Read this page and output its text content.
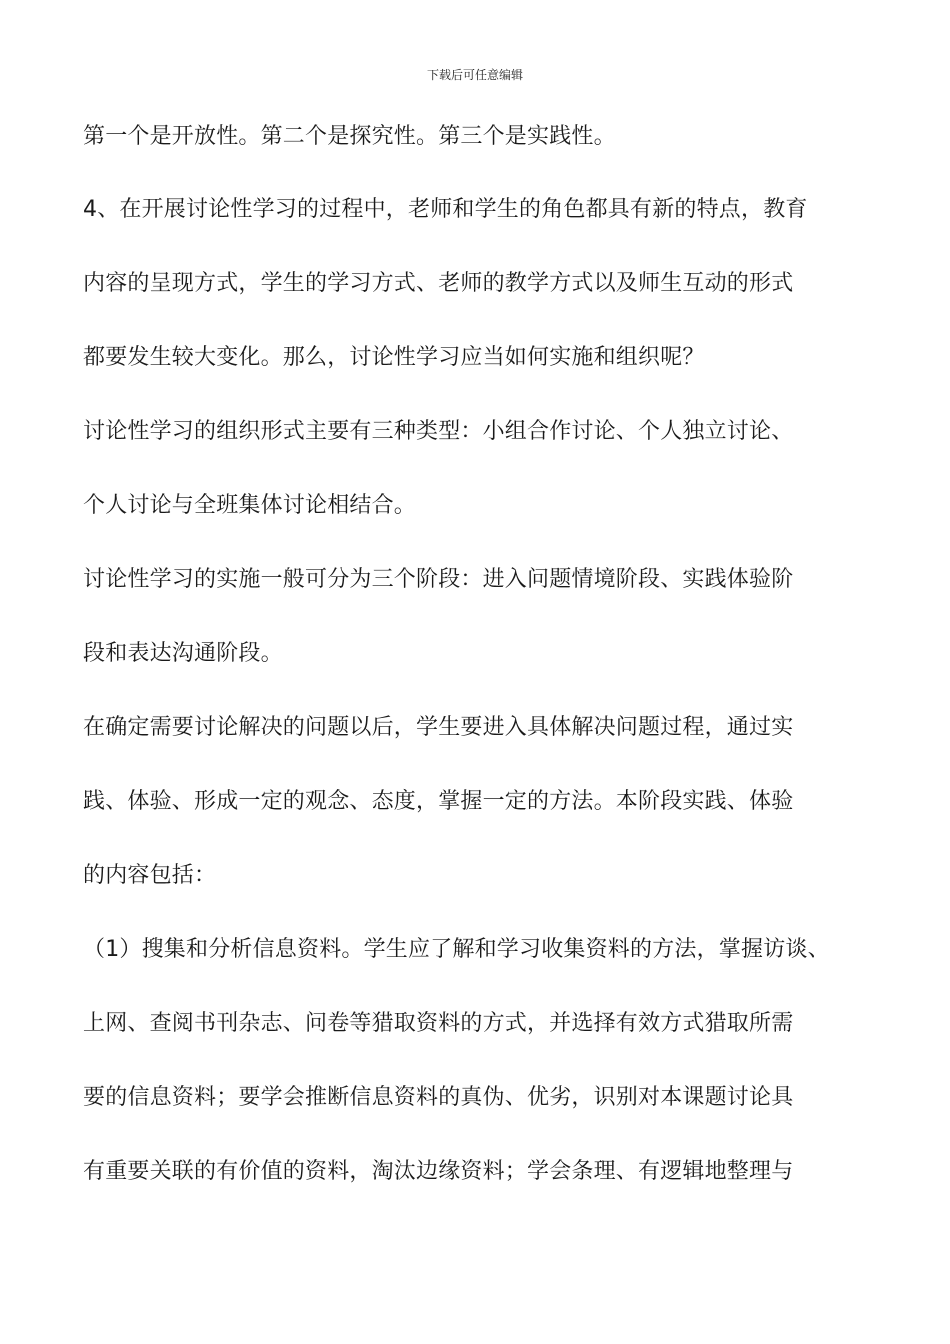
下载后可任意编辑
第一个是开放性。第二个是探究性。第三个是实践性。
4、在开展讨论性学习的过程中，老师和学生的角色都具有新的特点，教育
内容的呈现方式，学生的学习方式、老师的教学方式以及师生互动的形式
都要发生较大变化。那么，讨论性学习应当如何实施和组织呢？
讨论性学习的组织形式主要有三种类型：小组合作讨论、个人独立讨论、
个人讨论与全班集体讨论相结合。
讨论性学习的实施一般可分为三个阶段：进入问题情境阶段、实践体验阶
段和表达沟通阶段。
在确定需要讨论解决的问题以后，学生要进入具体解决问题过程，通过实
践、体验、形成一定的观念、态度，掌握一定的方法。本阶段实践、体验
的内容包括：
（1）搜集和分析信息资料。学生应了解和学习收集资料的方法，掌握访谈、
上网、查阅书刊杂志、问卷等猎取资料的方式，并选择有效方式猎取所需
要的信息资料；要学会推断信息资料的真伪、优劣，识别对本课题讨论具
有重要关联的有价值的资料，淘汰边缘资料；学会条理、有逻辑地整理与
